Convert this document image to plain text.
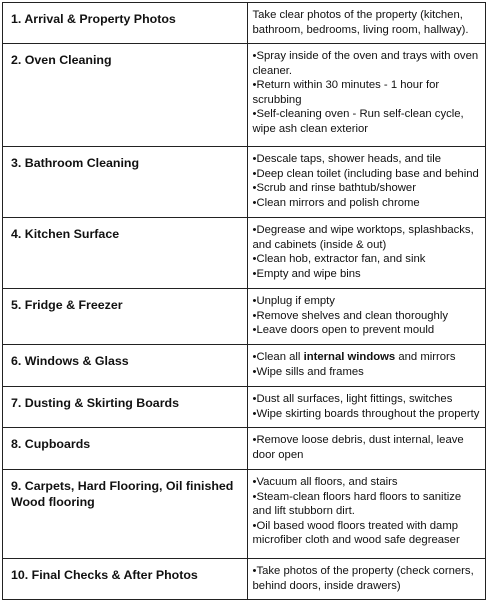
1. Arrival & Property Photos	Take clear photos of the property (kitchen, bathroom, bedrooms, living room, hallway).

2. Oven Cleaning	•Spray inside of the oven and trays with oven cleaner.
•Return within 30 minutes - 1 hour for scrubbing
•Self-cleaning oven - Run self-clean cycle, wipe ash clean exterior

3. Bathroom Cleaning	•Descale taps, shower heads, and tile
•Deep clean toilet (including base and behind
•Scrub and rinse bathtub/shower
•Clean mirrors and polish chrome

4. Kitchen Surface	•Degrease and wipe worktops, splashbacks, and cabinets (inside & out)
•Clean hob, extractor fan, and sink
•Empty and wipe bins

5. Fridge & Freezer	•Unplug if empty
•Remove shelves and clean thoroughly
•Leave doors open to prevent mould

6. Windows & Glass	•Clean all internal windows and mirrors
•Wipe sills and frames

7. Dusting & Skirting Boards	•Dust all surfaces, light fittings, switches
•Wipe skirting boards throughout the property

8. Cupboards	•Remove loose debris, dust internal, leave door open

9. Carpets, Hard Flooring, Oil finished Wood flooring	•Vacuum all floors, and stairs
•Steam-clean floors hard floors to sanitize and lift stubborn dirt.
•Oil based wood floors treated with damp microfiber cloth and wood safe degreaser

10. Final Checks & After Photos	•Take photos of the property (check corners, behind doors, inside drawers)
